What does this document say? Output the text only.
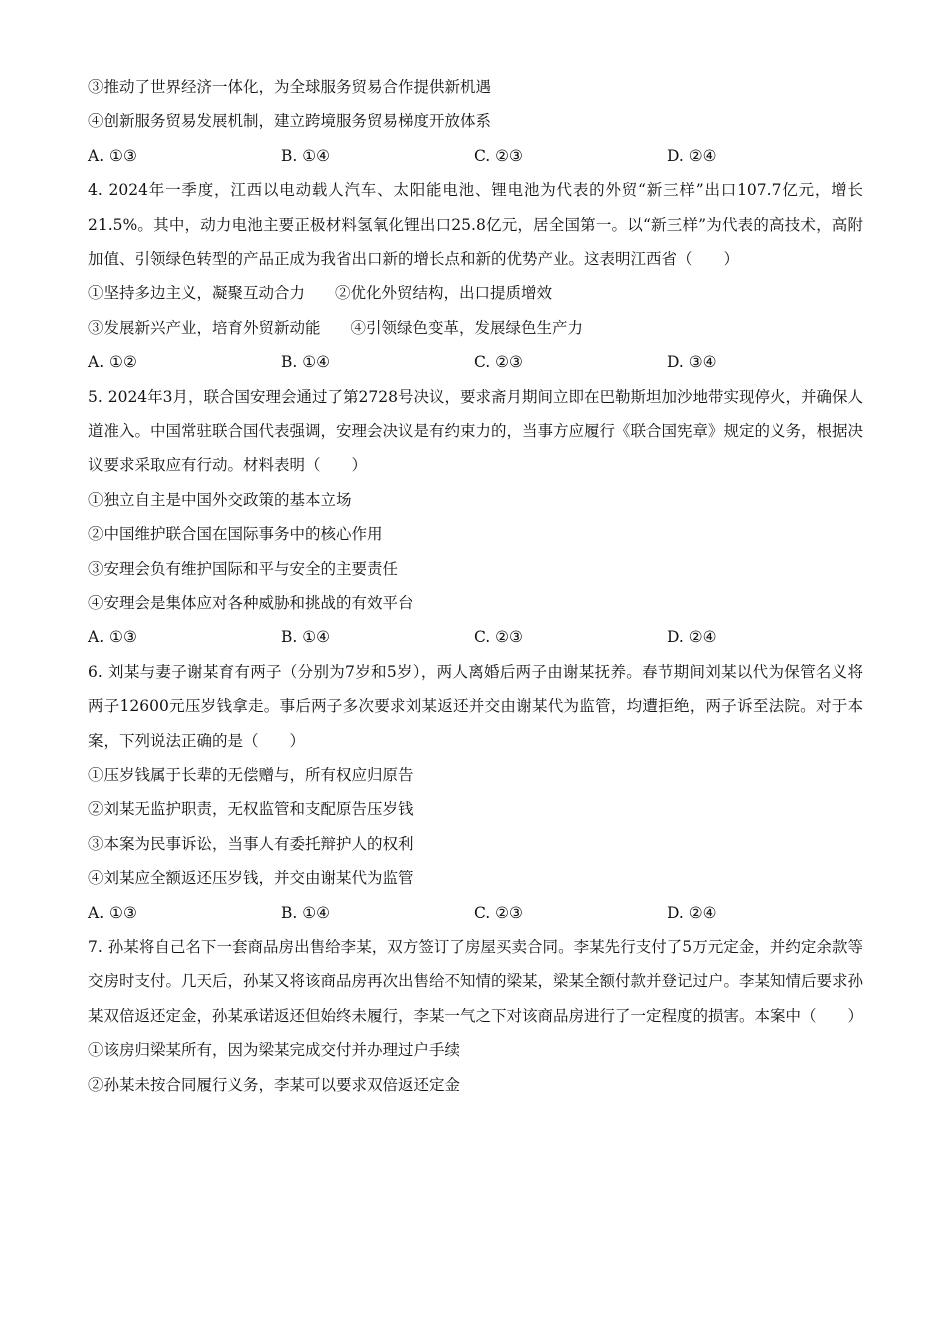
③推动了世界经济一体化，为全球服务贸易合作提供新机遇
④创新服务贸易发展机制，建立跨境服务贸易梯度开放体系
A. ①③	B. ①④	C. ②③	D. ②④
4. 2024年一季度，江西以电动载人汽车、太阳能电池、锂电池为代表的外贸“新三样”出口107.7亿元，增长21.5%。其中，动力电池主要正极材料氢氧化锂出口25.8亿元，居全国第一。以“新三样”为代表的高技术，高附加值、引领绿色转型的产品正成为我省出口新的增长点和新的优势产业。这表明江西省（　　）
①坚持多边主义，凝聚互动合力 ②优化外贸结构，出口提质增效
③发展新兴产业，培育外贸新动能 ④引领绿色变革，发展绿色生产力
A. ①②	B. ①④	C. ②③	D. ③④
5. 2024年3月，联合国安理会通过了第2728号决议，要求斋月期间立即在巴勒斯坦加沙地带实现停火，并确保人道准入。中国常驻联合国代表强调，安理会决议是有约束力的，当事方应履行《联合国宪章》规定的义务，根据决议要求采取应有行动。材料表明（　　）
①独立自主是中国外交政策的基本立场
②中国维护联合国在国际事务中的核心作用
③安理会负有维护国际和平与安全的主要责任
④安理会是集体应对各种威胁和挑战的有效平台
A. ①③	B. ①④	C. ②③	D. ②④
6. 刘某与妻子谢某育有两子（分别为7岁和5岁），两人离婚后两子由谢某抚养。春节期间刘某以代为保管名义将两子12600元压岁钱拿走。事后两子多次要求刘某返还并交由谢某代为监管，均遭拒绝，两子诉至法院。对于本案，下列说法正确的是（　　）
①压岁钱属于长辈的无偿赠与，所有权应归原告
②刘某无监护职责，无权监管和支配原告压岁钱
③本案为民事诉讼，当事人有委托辩护人的权利
④刘某应全额返还压岁钱，并交由谢某代为监管
A. ①③	B. ①④	C. ②③	D. ②④
7. 孙某将自己名下一套商品房出售给李某，双方签订了房屋买卖合同。李某先行支付了5万元定金，并约定余款等交房时支付。几天后，孙某又将该商品房再次出售给不知情的梁某，梁某全额付款并登记过户。李某知情后要求孙某双倍返还定金，孙某承诺返还但始终未履行，李某一气之下对该商品房进行了一定程度的损害。本案中（　　）
①该房归梁某所有，因为梁某完成交付并办理过户手续
②孙某未按合同履行义务，李某可以要求双倍返还定金
